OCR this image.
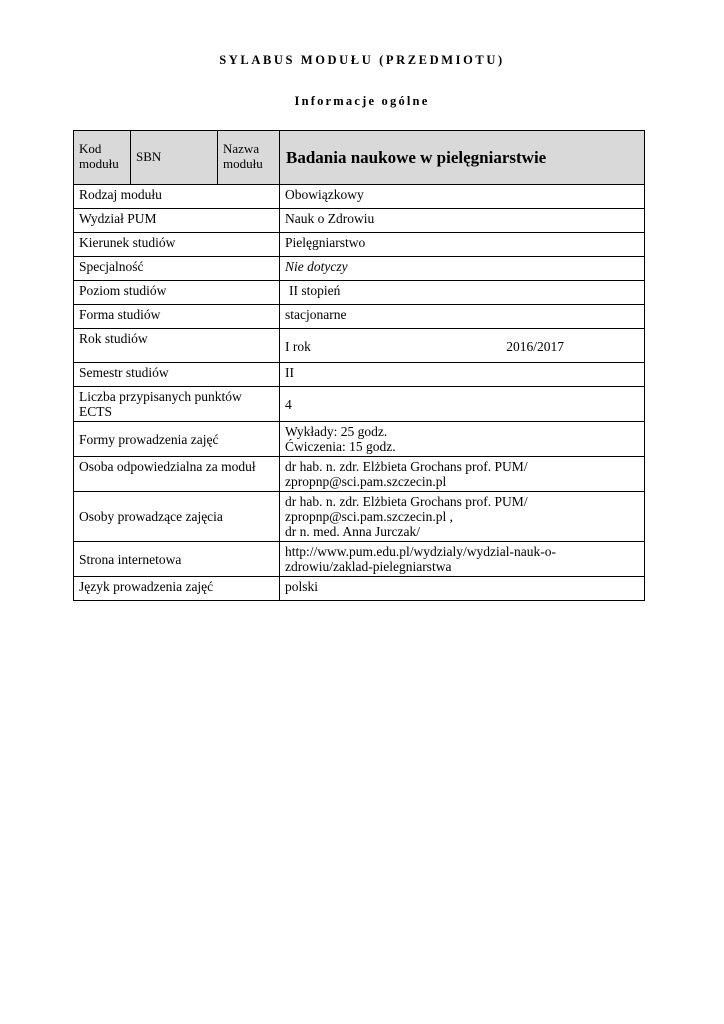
SYLABUS MODUŁU (PRZEDMIOTU)
Informacje ogólne
Kod modułu	SBN	Nazwa modułu	Badania naukowe w pielęgniarstwie
Rodzaj modułu			Obowiązkowy
Wydział PUM			Nauk o Zdrowiu
Kierunek studiów			Pielęgniarstwo
Specjalność			Nie dotyczy
Poziom studiów			II stopień
Forma studiów			stacjonarne
Rok studiów			I rok 2016/2017

Semestr studiów			II
Liczba przypisanych punktów ECTS			4
Formy prowadzenia zajęć			Wykłady: 25 godz.
Ćwiczenia: 15 godz.

Osoba odpowiedzialna za moduł			dr hab. n. zdr. Elżbieta Grochans prof. PUM/
zpropnp@sci.pam.szczecin.pl

Osoby prowadzące zajęcia			dr hab. n. zdr. Elżbieta Grochans prof. PUM/
zpropnp@sci.pam.szczecin.pl ,
dr n. med. Anna Jurczak/

Strona internetowa			http://www.pum.edu.pl/wydzialy/wydzial-nauk-o-
zdrowiu/zaklad-pielegniarstwa

Język prowadzenia zajęć			polski
